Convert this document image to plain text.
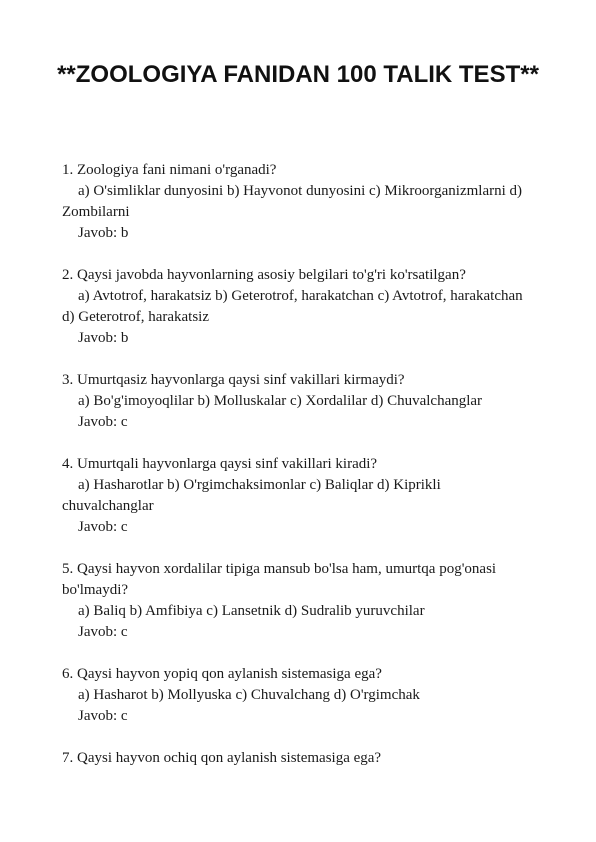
**ZOOLOGIYA FANIDAN 100 TALIK TEST**

1. Zoologiya fani nimani o'rganadi?

a) O'simliklar dunyosini b) Hayvonot dunyosini c) Mikroorganizmlarni d) Zombilarni

Javob: b

2. Qaysi javobda hayvonlarning asosiy belgilari to'g'ri ko'rsatilgan?

a) Avtotrof, harakatsiz b) Geterotrof, harakatchan c) Avtotrof, harakatchan d) Geterotrof, harakatsiz

Javob: b

3. Umurtqasiz hayvonlarga qaysi sinf vakillari kirmaydi?

a) Bo'g'imoyoqlilar b) Molluskalar c) Xordalilar d) Chuvalchanglar

Javob: c

4. Umurtqali hayvonlarga qaysi sinf vakillari kiradi?

a) Hasharotlar b) O'rgimchaksimonlar c) Baliqlar d) Kiprikli chuvalchanglar

Javob: c

5. Qaysi hayvon xordalilar tipiga mansub bo'lsa ham, umurtqa pog'onasi bo'lmaydi?

a) Baliq b) Amfibiya c) Lansetnik d) Sudralib yuruvchilar

Javob: c

6. Qaysi hayvon yopiq qon aylanish sistemasiga ega?

a) Hasharot b) Mollyuska c) Chuvalchang d) O'rgimchak

Javob: c

7. Qaysi hayvon ochiq qon aylanish sistemasiga ega?
